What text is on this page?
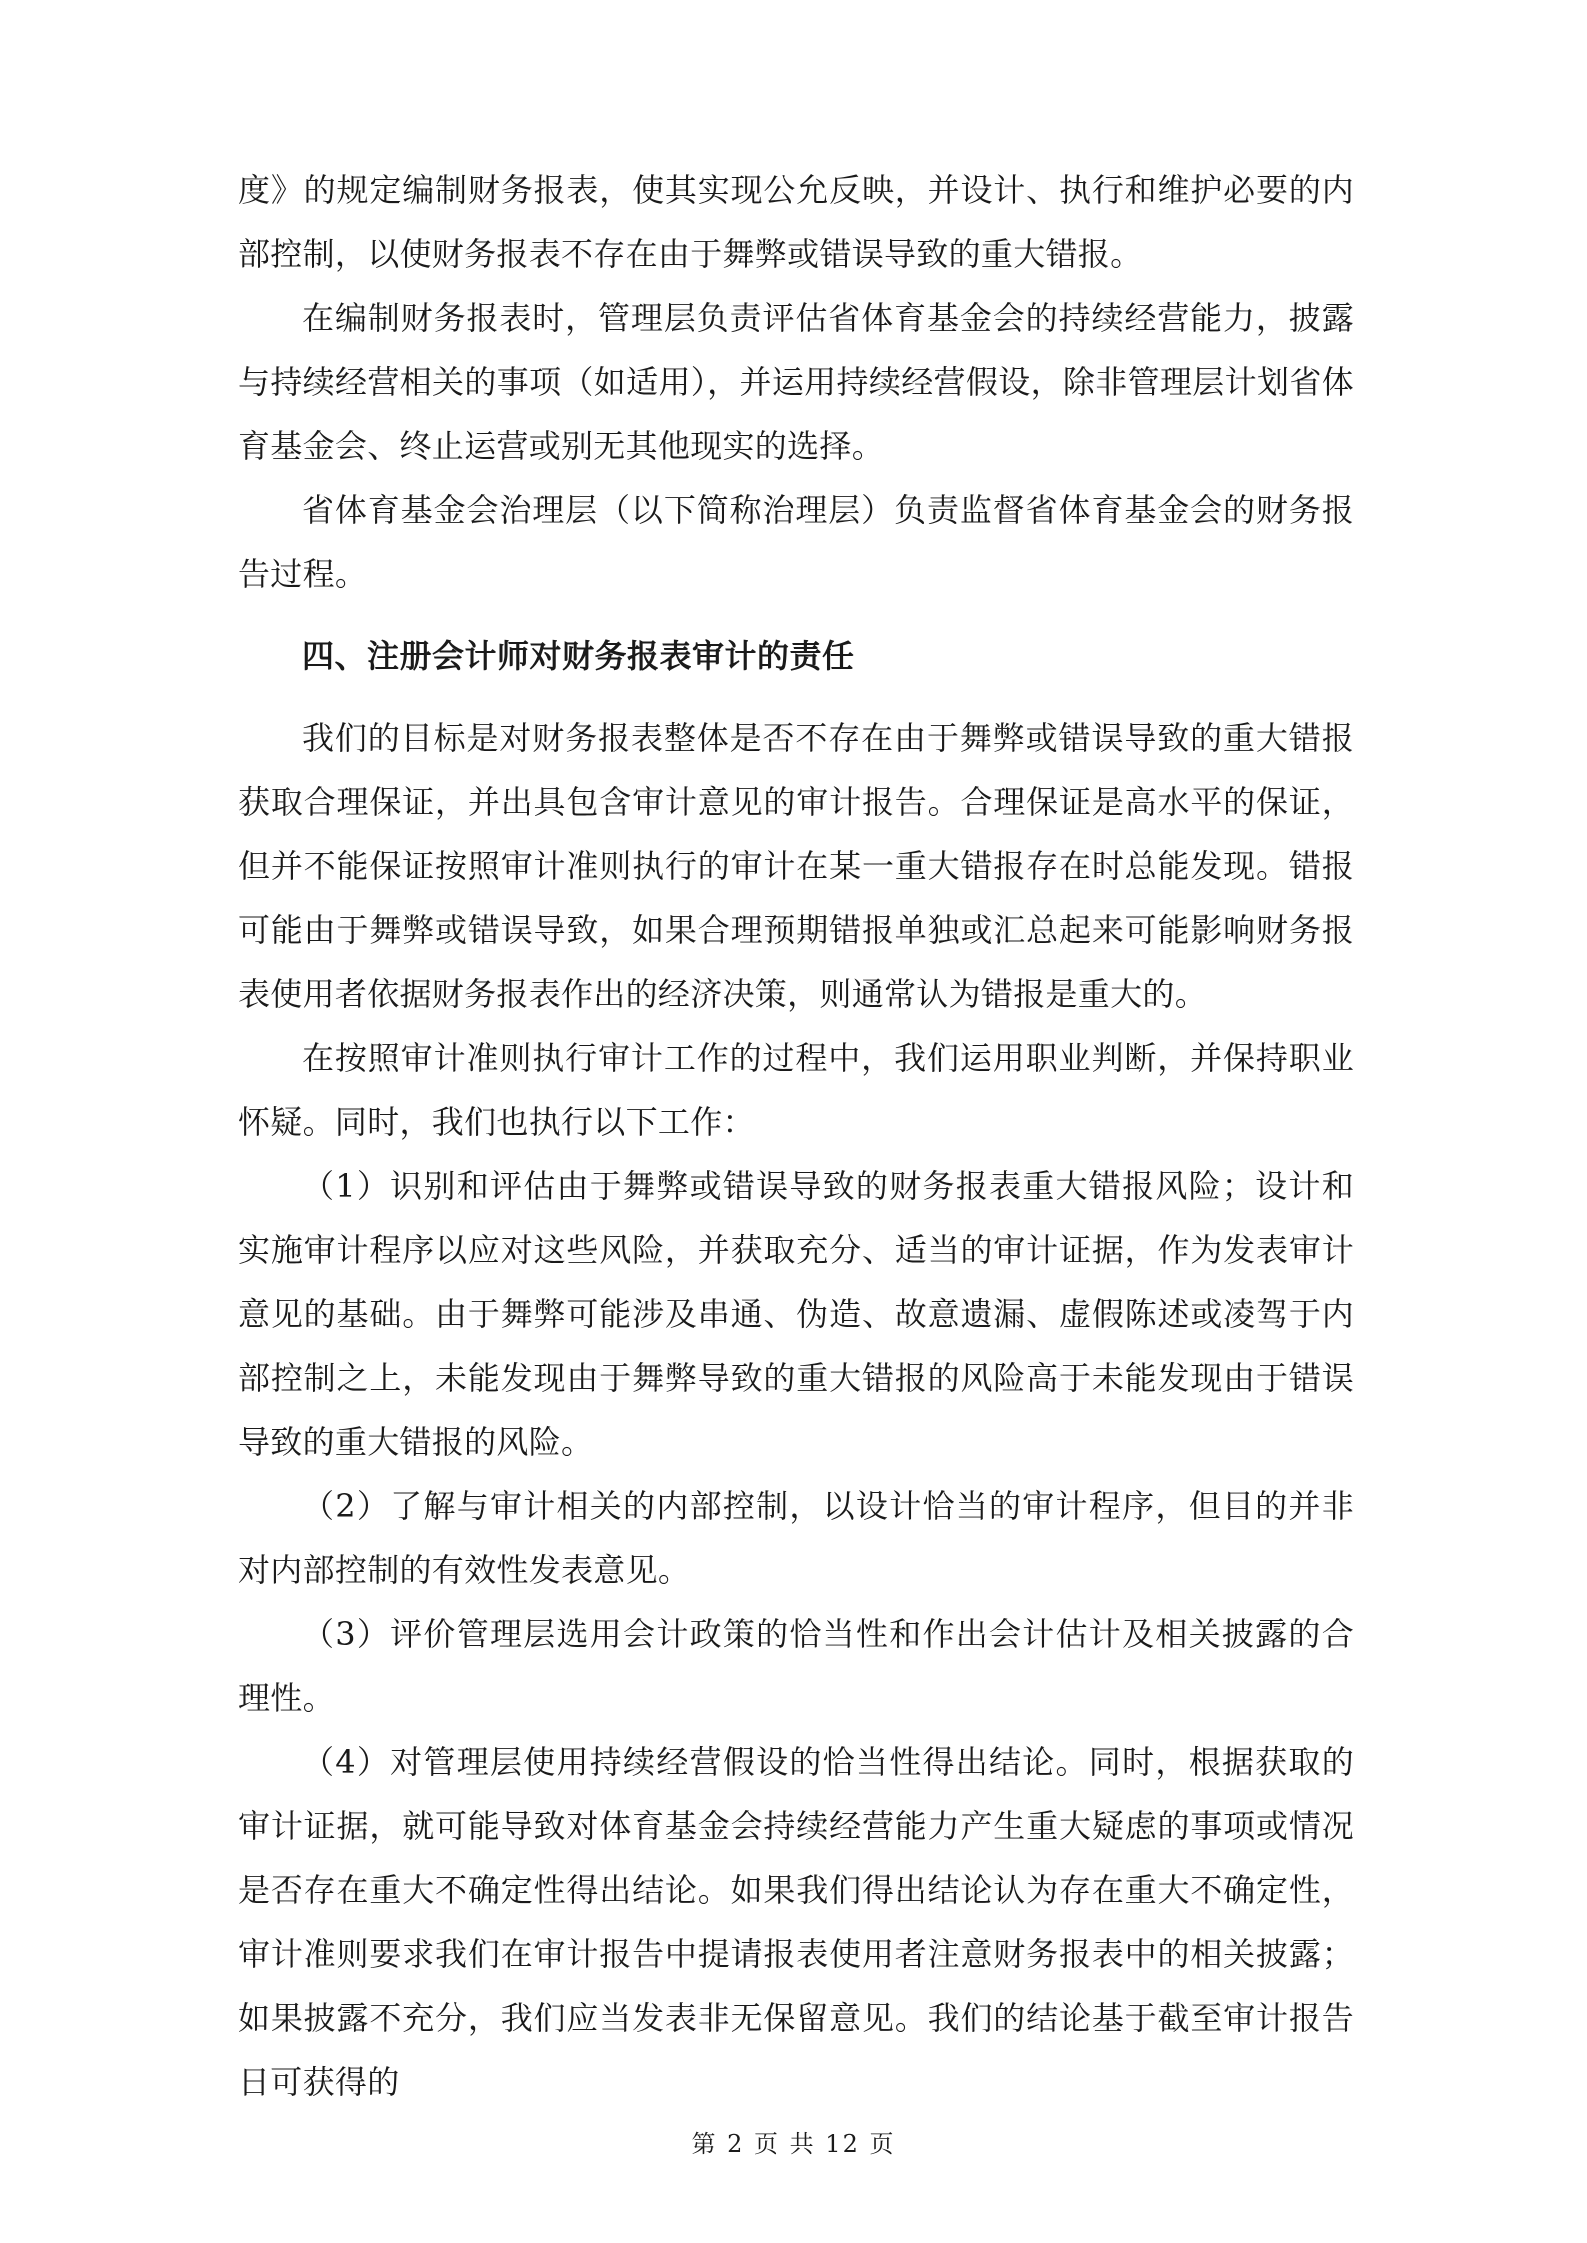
度》的规定编制财务报表，使其实现公允反映，并设计、执行和维护必要的内部控制，以使财务报表不存在由于舞弊或错误导致的重大错报。

在编制财务报表时，管理层负责评估省体育基金会的持续经营能力，披露与持续经营相关的事项（如适用），并运用持续经营假设，除非管理层计划省体育基金会、终止运营或别无其他现实的选择。

省体育基金会治理层（以下简称治理层）负责监督省体育基金会的财务报告过程。

四、注册会计师对财务报表审计的责任

我们的目标是对财务报表整体是否不存在由于舞弊或错误导致的重大错报获取合理保证，并出具包含审计意见的审计报告。合理保证是高水平的保证，但并不能保证按照审计准则执行的审计在某一重大错报存在时总能发现。错报可能由于舞弊或错误导致，如果合理预期错报单独或汇总起来可能影响财务报表使用者依据财务报表作出的经济决策，则通常认为错报是重大的。

在按照审计准则执行审计工作的过程中，我们运用职业判断，并保持职业怀疑。同时，我们也执行以下工作：

（1）识别和评估由于舞弊或错误导致的财务报表重大错报风险；设计和实施审计程序以应对这些风险，并获取充分、适当的审计证据，作为发表审计意见的基础。由于舞弊可能涉及串通、伪造、故意遗漏、虚假陈述或凌驾于内部控制之上，未能发现由于舞弊导致的重大错报的风险高于未能发现由于错误导致的重大错报的风险。

（2）了解与审计相关的内部控制，以设计恰当的审计程序，但目的并非对内部控制的有效性发表意见。

（3）评价管理层选用会计政策的恰当性和作出会计估计及相关披露的合理性。

（4）对管理层使用持续经营假设的恰当性得出结论。同时，根据获取的审计证据，就可能导致对体育基金会持续经营能力产生重大疑虑的事项或情况是否存在重大不确定性得出结论。如果我们得出结论认为存在重大不确定性，审计准则要求我们在审计报告中提请报表使用者注意财务报表中的相关披露；如果披露不充分，我们应当发表非无保留意见。我们的结论基于截至审计报告日可获得的

第 2 页 共 12 页
